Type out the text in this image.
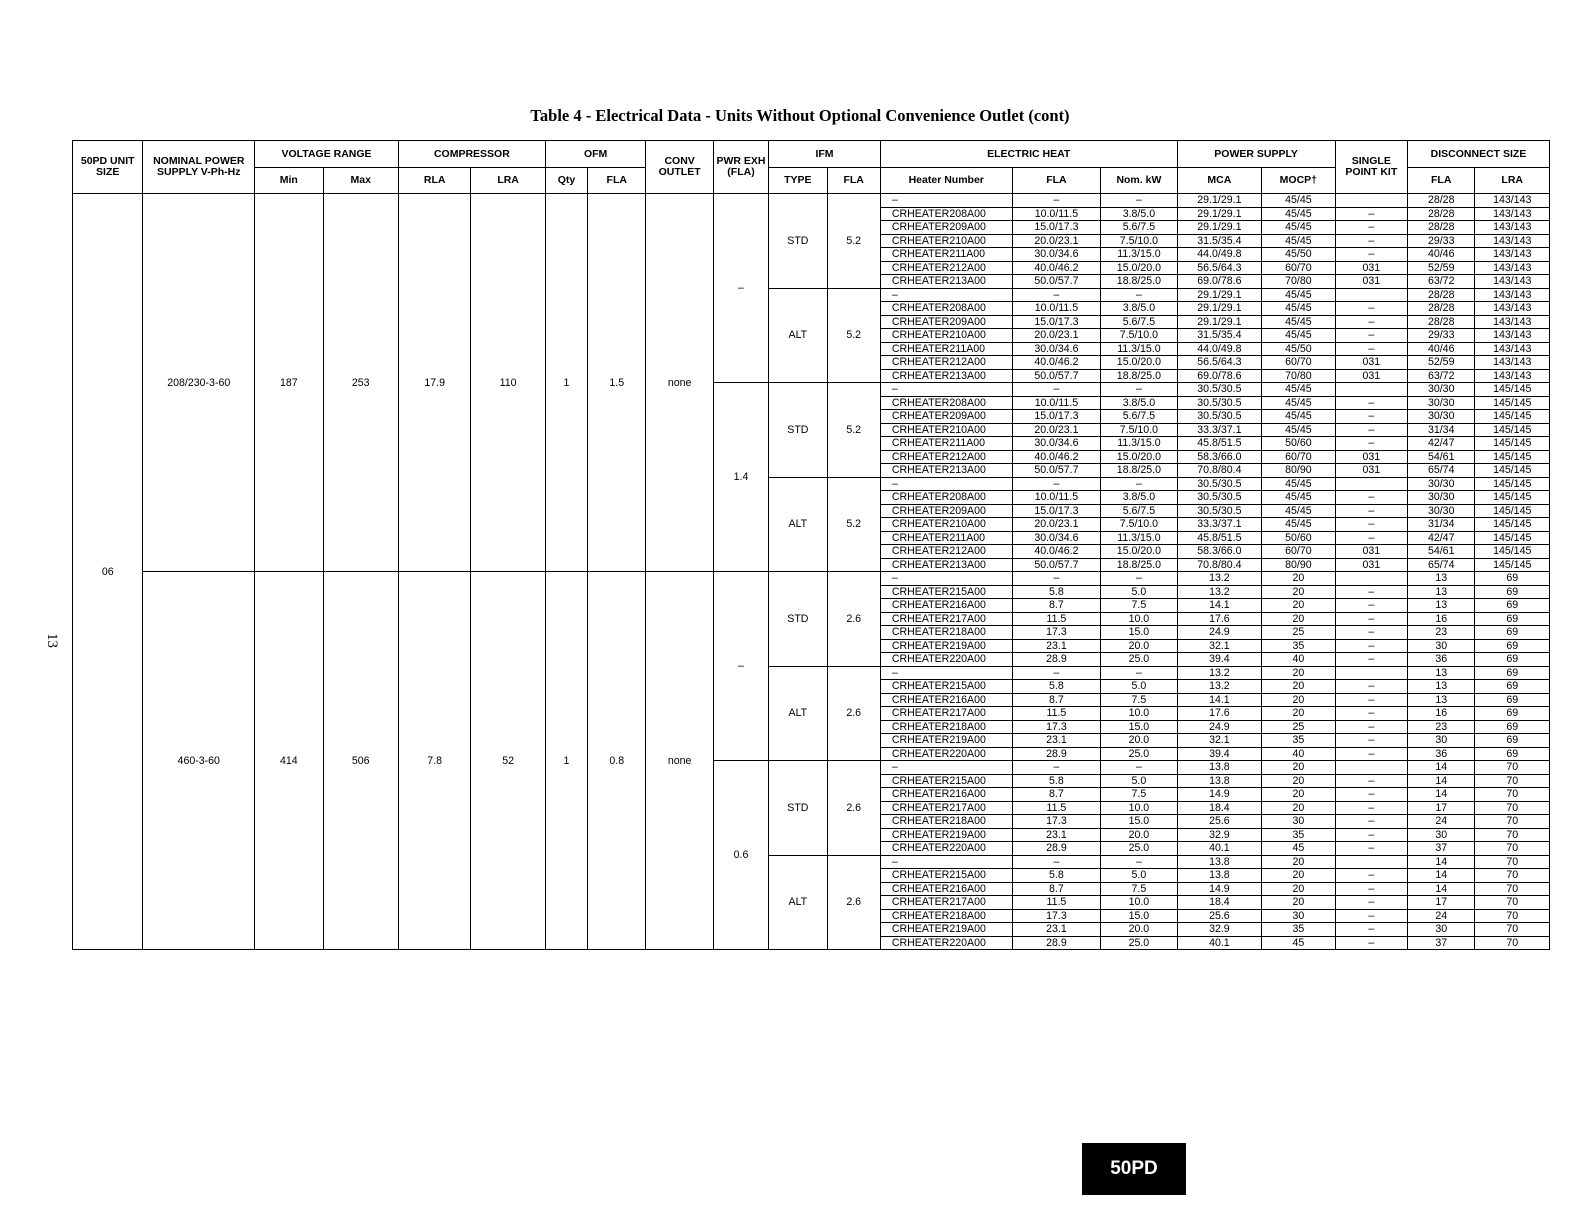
Table 4 - Electrical Data - Units Without Optional Convenience Outlet (cont)
13
50PD UNIT SIZE	NOMINAL POWER SUPPLY V-Ph-Hz	VOLTAGE RANGE		COMPRESSOR		OFM		CONV OUTLET	PWR EXH (FLA)	IFM		ELECTRIC HEAT			POWER SUPPLY		SINGLE POINT KIT	DISCONNECT SIZE	
		Min	Max	RLA	LRA	Qty	FLA			TYPE	FLA	Heater Number	FLA	Nom. kW	MCA	MOCP†		FLA	LRA
06	208/230-3-60	187	253	17.9	110	1	1.5	none	–	STD	5.2	–	–	–	29.1/29.1	45/45		28/28	143/143
												CRHEATER208A00	10.0/11.5	3.8/5.0	29.1/29.1	45/45	–	28/28	143/143
												CRHEATER209A00	15.0/17.3	5.6/7.5	29.1/29.1	45/45	–	28/28	143/143
												CRHEATER210A00	20.0/23.1	7.5/10.0	31.5/35.4	45/45	–	29/33	143/143
												CRHEATER211A00	30.0/34.6	11.3/15.0	44.0/49.8	45/50	–	40/46	143/143
												CRHEATER212A00	40.0/46.2	15.0/20.0	56.5/64.3	60/70	031	52/59	143/143
												CRHEATER213A00	50.0/57.7	18.8/25.0	69.0/78.6	70/80	031	63/72	143/143
										ALT	5.2	–	–	–	29.1/29.1	45/45		28/28	143/143
												CRHEATER208A00	10.0/11.5	3.8/5.0	29.1/29.1	45/45	–	28/28	143/143
												CRHEATER209A00	15.0/17.3	5.6/7.5	29.1/29.1	45/45	–	28/28	143/143
												CRHEATER210A00	20.0/23.1	7.5/10.0	31.5/35.4	45/45	–	29/33	143/143
												CRHEATER211A00	30.0/34.6	11.3/15.0	44.0/49.8	45/50	–	40/46	143/143
												CRHEATER212A00	40.0/46.2	15.0/20.0	56.5/64.3	60/70	031	52/59	143/143
												CRHEATER213A00	50.0/57.7	18.8/25.0	69.0/78.6	70/80	031	63/72	143/143
									1.4	STD	5.2	–	–	–	30.5/30.5	45/45		30/30	145/145
												CRHEATER208A00	10.0/11.5	3.8/5.0	30.5/30.5	45/45	–	30/30	145/145
												CRHEATER209A00	15.0/17.3	5.6/7.5	30.5/30.5	45/45	–	30/30	145/145
												CRHEATER210A00	20.0/23.1	7.5/10.0	33.3/37.1	45/45	–	31/34	145/145
												CRHEATER211A00	30.0/34.6	11.3/15.0	45.8/51.5	50/60	–	42/47	145/145
												CRHEATER212A00	40.0/46.2	15.0/20.0	58.3/66.0	60/70	031	54/61	145/145
												CRHEATER213A00	50.0/57.7	18.8/25.0	70.8/80.4	80/90	031	65/74	145/145
										ALT	5.2	–	–	–	30.5/30.5	45/45		30/30	145/145
												CRHEATER208A00	10.0/11.5	3.8/5.0	30.5/30.5	45/45	–	30/30	145/145
												CRHEATER209A00	15.0/17.3	5.6/7.5	30.5/30.5	45/45	–	30/30	145/145
												CRHEATER210A00	20.0/23.1	7.5/10.0	33.3/37.1	45/45	–	31/34	145/145
												CRHEATER211A00	30.0/34.6	11.3/15.0	45.8/51.5	50/60	–	42/47	145/145
												CRHEATER212A00	40.0/46.2	15.0/20.0	58.3/66.0	60/70	031	54/61	145/145
												CRHEATER213A00	50.0/57.7	18.8/25.0	70.8/80.4	80/90	031	65/74	145/145
	460-3-60	414	506	7.8	52	1	0.8	none	–	STD	2.6	–	–	–	13.2	20		13	69
												CRHEATER215A00	5.8	5.0	13.2	20	–	13	69
												CRHEATER216A00	8.7	7.5	14.1	20	–	13	69
												CRHEATER217A00	11.5	10.0	17.6	20	–	16	69
												CRHEATER218A00	17.3	15.0	24.9	25	–	23	69
												CRHEATER219A00	23.1	20.0	32.1	35	–	30	69
												CRHEATER220A00	28.9	25.0	39.4	40	–	36	69
										ALT	2.6	–	–	–	13.2	20		13	69
												CRHEATER215A00	5.8	5.0	13.2	20	–	13	69
												CRHEATER216A00	8.7	7.5	14.1	20	–	13	69
												CRHEATER217A00	11.5	10.0	17.6	20	–	16	69
												CRHEATER218A00	17.3	15.0	24.9	25	–	23	69
												CRHEATER219A00	23.1	20.0	32.1	35	–	30	69
												CRHEATER220A00	28.9	25.0	39.4	40	–	36	69
									0.6	STD	2.6	–	–	–	13.8	20		14	70
												CRHEATER215A00	5.8	5.0	13.8	20	–	14	70
												CRHEATER216A00	8.7	7.5	14.9	20	–	14	70
												CRHEATER217A00	11.5	10.0	18.4	20	–	17	70
												CRHEATER218A00	17.3	15.0	25.6	30	–	24	70
												CRHEATER219A00	23.1	20.0	32.9	35	–	30	70
												CRHEATER220A00	28.9	25.0	40.1	45	–	37	70
										ALT	2.6	–	–	–	13.8	20		14	70
												CRHEATER215A00	5.8	5.0	13.8	20	–	14	70
												CRHEATER216A00	8.7	7.5	14.9	20	–	14	70
												CRHEATER217A00	11.5	10.0	18.4	20	–	17	70
												CRHEATER218A00	17.3	15.0	25.6	30	–	24	70
												CRHEATER219A00	23.1	20.0	32.9	35	–	30	70
												CRHEATER220A00	28.9	25.0	40.1	45	–	37	70
50PD
